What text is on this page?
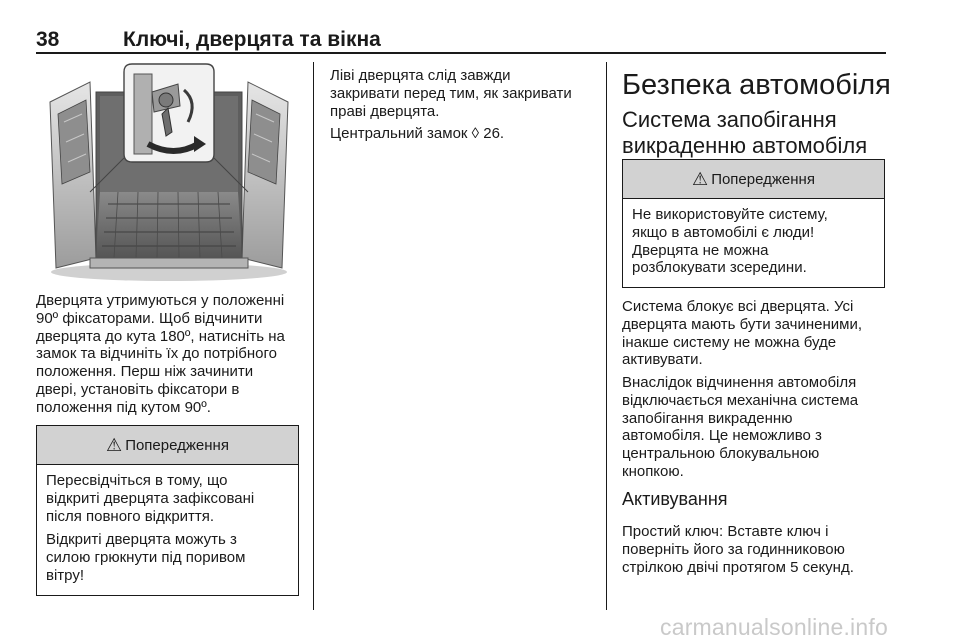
38	Ключі, дверцята та вікна

Дверцята утримуються у положенні
90º фіксаторами. Щоб відчинити
дверцята до кута 180º, натисніть на
замок та відчиніть їх до потрібного
положення. Перш ніж зачинити
двері, установіть фіксатори в
положення під кутом 90º.

⚠ Попередження

Пересвідчіться в тому, що
відкриті дверцята зафіксовані
після повного відкриття.

Відкриті дверцята можуть з
силою грюкнути під поривом
вітру!

Ліві дверцята слід завжди
закривати перед тим, як закривати
праві дверцята.

Центральний замок ◊ 26.

Безпека автомобіля
Система запобігання
викраденню автомобіля
⚠ Попередження

Не використовуйте систему,
якщо в автомобілі є люди!
Дверцята не можна
розблокувати зсередини.

Система блокує всі дверцята. Усі
дверцята мають бути зачиненими,
інакше систему не можна буде
активувати.

Внаслідок відчинення автомобіля
відключається механічна система
запобігання викраденню
автомобіля. Це неможливо з
центральною блокувальною
кнопкою.

Активування

Простий ключ: Вставте ключ і
поверніть його за годинниковою
стрілкою двічі протягом 5 секунд.

carmanualsonline.info
